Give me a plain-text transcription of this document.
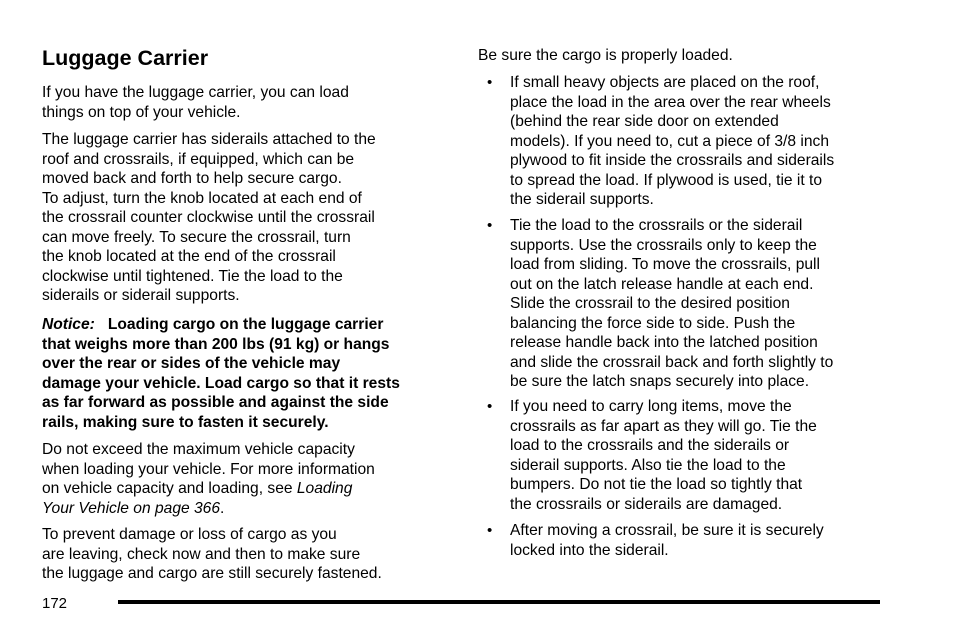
Luggage Carrier

If you have the luggage carrier, you can load
things on top of your vehicle.

The luggage carrier has siderails attached to the
roof and crossrails, if equipped, which can be
moved back and forth to help secure cargo.
To adjust, turn the knob located at each end of
the crossrail counter clockwise until the crossrail
can move freely. To secure the crossrail, turn
the knob located at the end of the crossrail
clockwise until tightened. Tie the load to the
siderails or siderail supports.

Notice: Loading cargo on the luggage carrier
that weighs more than 200 lbs (91 kg) or hangs
over the rear or sides of the vehicle may
damage your vehicle. Load cargo so that it rests
as far forward as possible and against the side
rails, making sure to fasten it securely.

Do not exceed the maximum vehicle capacity
when loading your vehicle. For more information
on vehicle capacity and loading, see Loading
Your Vehicle on page 366.

To prevent damage or loss of cargo as you
are leaving, check now and then to make sure
the luggage and cargo are still securely fastened.

Be sure the cargo is properly loaded.
• If small heavy objects are placed on the roof,
place the load in the area over the rear wheels
(behind the rear side door on extended
models). If you need to, cut a piece of 3/8 inch
plywood to fit inside the crossrails and siderails
to spread the load. If plywood is used, tie it to
the siderail supports.
• Tie the load to the crossrails or the siderail
supports. Use the crossrails only to keep the
load from sliding. To move the crossrails, pull
out on the latch release handle at each end.
Slide the crossrail to the desired position
balancing the force side to side. Push the
release handle back into the latched position
and slide the crossrail back and forth slightly to
be sure the latch snaps securely into place.
• If you need to carry long items, move the
crossrails as far apart as they will go. Tie the
load to the crossrails and the siderails or
siderail supports. Also tie the load to the
bumpers. Do not tie the load so tightly that
the crossrails or siderails are damaged.
• After moving a crossrail, be sure it is securely
locked into the siderail.
172
